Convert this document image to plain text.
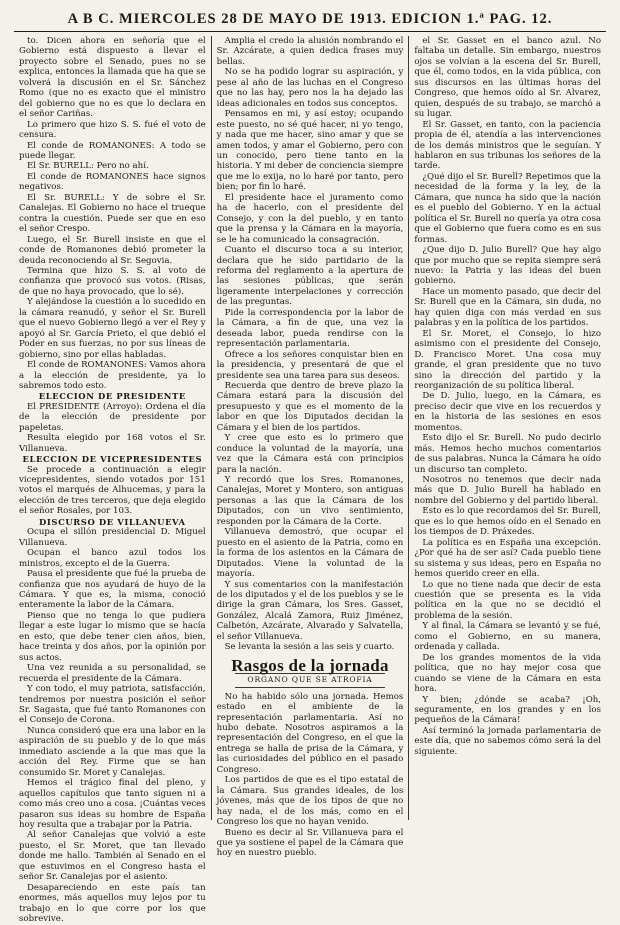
A B C. MIERCOLES 28 DE MAYO DE 1913. EDICION 1.ª PAG. 12.

to. Dicen ahora en señoría que el Gobierno está dispuesto a llevar el proyecto sobre el Senado, pues no se explica, entonces la llamada que ha que se volverá la discusión en el Sr. Sánchez Romo (que no es exacto que el ministro del gobierno que no es que lo declara en el señor Cariñas.

Lo primero que hizo S. S. fué el voto de censura.

El conde de ROMANONES: A todo se puede llegar.

El Sr. BURELL: Pero no ahí.

El conde de ROMANONES hace signos negativos.

El Sr. BURELL: Y de sobre el Sr. Canalejas. El Gobierno no hace el trueque contra la cuestión. Puede ser que en eso el señor Crespo.

Luego, el Sr. Burell insiste en que el conde de Romanones debió prometer la deuda reconociendo al Sr. Segovia.

Termina que hizo S. S. al voto de confianza que provocó sus votos. (Risas, de que no haya provocado, que lo sé).

Y alejándose la cuestión a lo sucedido en la cámara reanudó, y señor el Sr. Burell que el nuevo Gobierno llegó a ver el Rey y apoyó al Sr. García Prieto, el que debió el Poder en sus fuerzas, no por sus líneas de gobierno, sino por ellas habladas.

El conde de ROMANONES: Vamos ahora a la elección de presidente, ya lo sabremos todo esto.

ELECCION DE PRESIDENTE

El PRESIDENTE (Arroyo): Ordena el día de la elección de presidente por papeletas.

Resulta elegido por 168 votos el Sr. Villanueva.

ELECCION DE VICEPRESIDENTES

Se procede a continuación a elegir vicepresidentes, siendo votados por 151 votos el marqués de Alhucemas, y para la elección de tres terceros, que deja elegido el señor Rosales, por 103.

DISCURSO DE VILLANUEVA

Ocupa el sillón presidencial D. Miguel Villanueva.

Ocupan el banco azul todos los ministros, excepto el de la Guerra.

Pausa el presidente que fué la prueba de confianza que nos ayudará de huyo de la Cámara. Y que es, la misma, conoció enteramente la labor de la Cámara.

Pienso que no tenga lo que pudiera llegar a este lugar lo mismo que se hacía en esto, que debe tener cien años, bien, hace treinta y dos años, por la opinión por sus actos.

Una vez reunida a su personalidad, se recuerda el presidente de la Cámara.

Y con todo, el muy patriota, satisfacción, tendremos por nuestra posición el señor Sr. Sagasta, que fué tanto Romanones con el Consejo de Corona.

Nunca consideró que era una labor en la aspiración de su pueblo y de lo que más inmediato asciende a la que mas que la acción del Rey. Firme que se han consumido Sr. Moret y Canalejas.

Hemos el trágico final del pleno, y aquellos capítulos que tanto siguen ni a como más creo uno a cosa. ¡Cuántas veces pasaron sus ideas su hombre de España hoy resulta que a trabajar por la Patria.

Al señor Canalejas que volvió a este puesto, el Sr. Moret, que tan llevado donde me hallo. También al Senado en el que estuvimos en el Congreso hasta el señor Sr. Canalejas por el asiento.

Desapareciendo en este país tan enormes, más aquellos muy lejos por tu trabajo en lo que corre por los que sobrevive.

Amplia el credo la alusión nombrando el Sr. Azcárate, a quien dedica frases muy bellas.

No se ha podido lograr su aspiración, y pese al año de las luchas en el Congreso que no las hay, pero nos la ha dejado las ideas adicionales en todos sus conceptos.

Pensamos en mi, y así estoy; ocupando este puesto, no sé qué hacer, ni yo tengo, y nada que me hacer, sino amar y que se amen todos, y amar el Gobierno, pero con un conocido, pero tiene tanto en la historia. Y mi deber de conciencia siempre que me lo exija, no lo haré por tanto, pero bien; por fin lo haré.

El presidente hace el juramento como ha de hacerlo, con el presidente del Consejo, y con la del pueblo, y en tanto que la prensa y la Cámara en la mayoría, se le ha comunicado la consagración.

Cuanto el discurso toca a su interior, declara que he sido partidario de la reforma del reglamento a la apertura de las sesiones públicas, que serán ligeramente interpelaciones y corrección de las preguntas.

Pide la correspondencia por la labor de la Cámara, a fin de que, una vez la deseada labor, pueda rendirse con la representación parlamentaria.

Ofrece a los señores conquistar bien en la presidencia, y presentará de que el presidente sea una tarea para sus deseos.

Recuerda que dentro de breve plazo la Cámara estará para la discusión del presupuesto y que es el momento de la labor en que los Diputados decidan la Cámara y el bien de los partidos.

Y cree que esto es lo primero que conduce la voluntad de la mayoría, una vez que la Cámara está con principios para la nación.

Y recordó que los Sres. Romanones, Canalejas, Moret y Montero, son antiguas personas a las que la Cámara de los Diputados, con un vivo sentimiento, responden por la Cámara de la Corte.

Villanueva demostró, que ocupar el puesto en el asiento de la Patria, como en la forma de los asientos en la Cámara de Diputados. Viene la voluntad de la mayoría.

Y sus comentarios con la manifestación de los diputados y el de los pueblos y se le dirige la gran Cámara, los Sres. Gasset, González, Alcalá Zamora, Ruiz Jiménez, Calbetón, Azcárate, Alvarado y Salvatella, el señor Villanueva.

Se levanta la sesión a las seis y cuarto.

Rasgos de la jornada
ORGANO QUE SE ATROFIA

No ha habido sólo una jornada. Hemos estado en el ambiente de la representación parlamentaria. Así no hubo debate. Nosotros aspiramos a la representación del Congreso, en el que la entrega se halla de prisa de la Cámara, y las curiosidades del público en el pasado Congreso.

Los partidos de que es el tipo estatal de la Cámara. Sus grandes ideales, de los jóvenes, más que de los tipos de que no hay nada, el de los más, como en el Congreso los que no hayan venido.

Bueno es decir al Sr. Villanueva para el que ya sostiene el papel de la Cámara que hoy en nuestro pueblo.

el Sr. Gasset en el banco azul. No faltaba un detalle. Sin embargo, nuestros ojos se volvían a la escena del Sr. Burell, que él, como todos, en la vida pública, con sus discursos en las últimas horas del Congreso, que hemos oído al Sr. Alvarez, quien, después de su trabajo, se marchó a su lugar.

El Sr. Gasset, en tanto, con la paciencia propia de él, atendía a las intervenciones de los demás ministros que le seguían. Y hablaron en sus tribunas los señores de la tarde.

¿Qué dijo el Sr. Burell? Repetimos que la necesidad de la forma y la ley, de la Cámara, que nunca ha sido que la nación es el pueblo del Gobierno. Y en la actual política el Sr. Burell no quería ya otra cosa que el Gobierno que fuera como es en sus formas.

¿Que dijo D. Julio Burell? Que hay algo que por mucho que se repita siempre será nuevo: la Patria y las ideas del buen gobierno.

Hace un momento pasado, que decir del Sr. Burell que en la Cámara, sin duda, no hay quien diga con más verdad en sus palabras y en la política de los partidos.

El Sr. Moret, el Consejo, lo hizo asimismo con el presidente del Consejo, D. Francisco Moret. Una cosa muy grande, el gran presidente que no tuvo sino la dirección del partido y la reorganización de su política liberal.

De D. Julio, luego, en la Cámara, es preciso decir que vive en los recuerdos y en la historia de las sesiones en esos momentos.

Esto dijo el Sr. Burell. No pudo decirlo más. Hemos hecho muchos comentarios de sus palabras. Nunca la Cámara ha oído un discurso tan completo.

Nosotros no tenemos que decir nada más que D. Julio Burell ha hablado en nombre del Gobierno y del partido liberal.

Esto es lo que recordamos del Sr. Burell, que es lo que hemos oído en el Senado en los tiempos de D. Práxedes.

La política es en España una excepción. ¿Por qué ha de ser así? Cada pueblo tiene su sistema y sus ideas, pero en España no hemos querido creer en ella.

Lo que no tiene nada que decir de esta cuestión que se presenta es la vida política en la que no se decidió el problema de la sesión.

Y al final, la Cámara se levantó y se fué, como el Gobierno, en su manera, ordenada y callada.

De los grandes momentos de la vida política, que no hay mejor cosa que cuando se viene de la Cámara en esta hora.

Y bien; ¿dónde se acaba? ¡Oh, seguramente, en los grandes y en los pequeños de la Cámara!

Así terminó la jornada parlamentaria de este día, que no sabemos cómo será la del siguiente.
